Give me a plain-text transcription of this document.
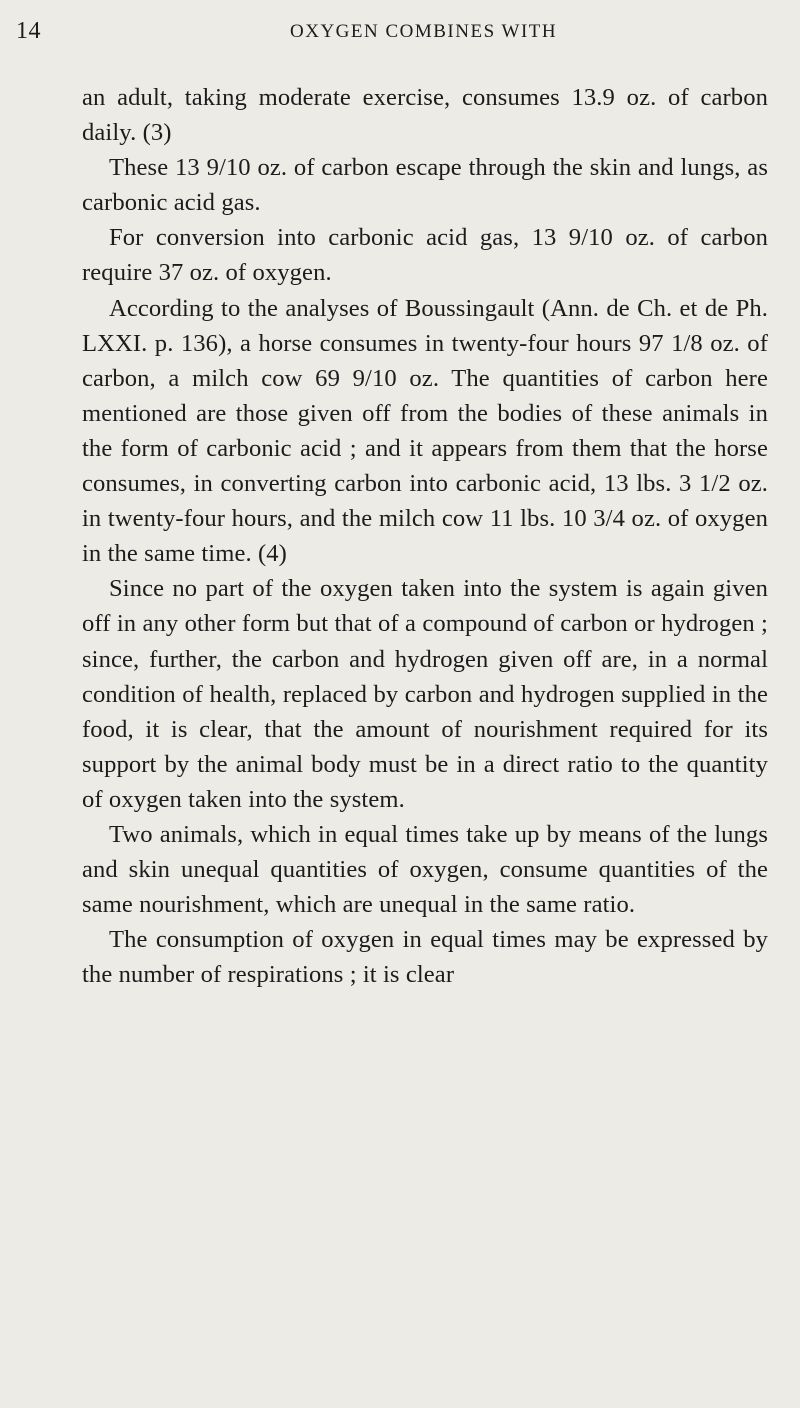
14	OXYGEN COMBINES WITH

an adult, taking moderate exercise, consumes 13.9 oz. of carbon daily. (3)

These 13 9/10 oz. of carbon escape through the skin and lungs, as carbonic acid gas.

For conversion into carbonic acid gas, 13 9/10 oz. of carbon require 37 oz. of oxygen.

According to the analyses of Boussingault (Ann. de Ch. et de Ph. LXXI. p. 136), a horse consumes in twenty-four hours 97 1/8 oz. of carbon, a milch cow 69 9/10 oz. The quantities of carbon here mentioned are those given off from the bodies of these animals in the form of carbonic acid ; and it appears from them that the horse consumes, in converting carbon into carbonic acid, 13 lbs. 3 1/2 oz. in twenty-four hours, and the milch cow 11 lbs. 10 3/4 oz. of oxygen in the same time. (4)

Since no part of the oxygen taken into the system is again given off in any other form but that of a compound of carbon or hydrogen ; since, further, the carbon and hydrogen given off are, in a normal condition of health, replaced by carbon and hydrogen supplied in the food, it is clear, that the amount of nourishment required for its support by the animal body must be in a direct ratio to the quantity of oxygen taken into the system.

Two animals, which in equal times take up by means of the lungs and skin unequal quantities of oxygen, consume quantities of the same nourishment, which are unequal in the same ratio.

The consumption of oxygen in equal times may be expressed by the number of respirations ; it is clear
